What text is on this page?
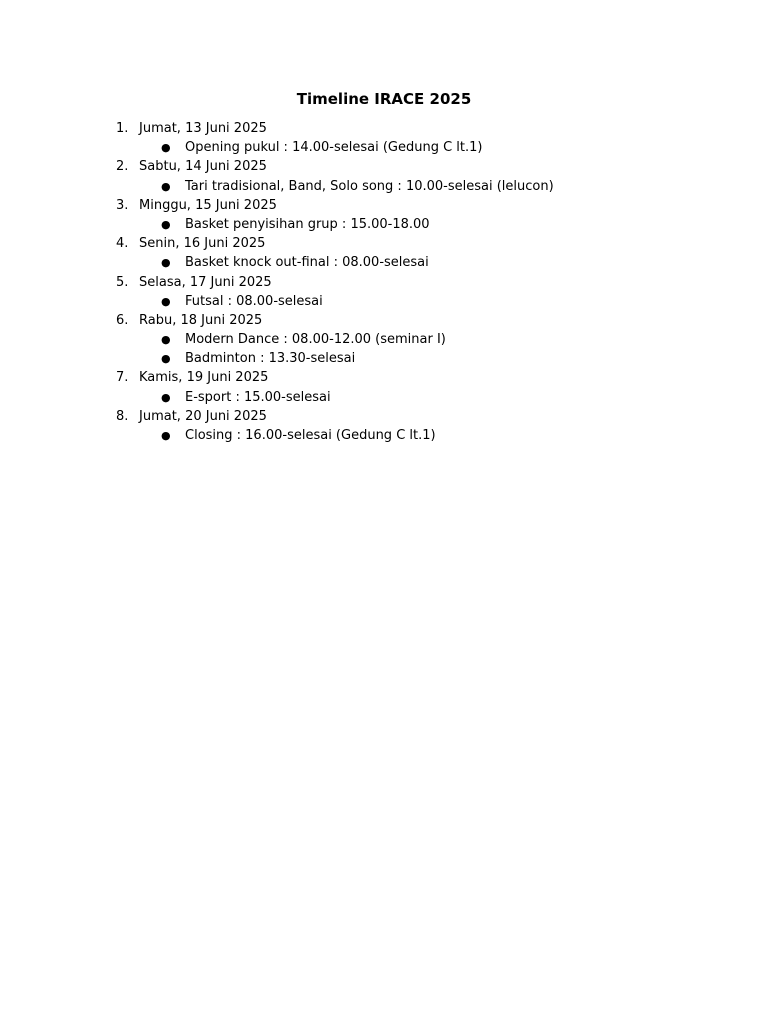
Timeline IRACE 2025
1. Jumat, 13 Juni 2025
● Opening pukul : 14.00-selesai (Gedung C lt.1)
2. Sabtu, 14 Juni 2025
● Tari tradisional, Band, Solo song : 10.00-selesai (lelucon)
3. Minggu, 15 Juni 2025
● Basket penyisihan grup : 15.00-18.00
4. Senin, 16 Juni 2025
● Basket knock out-final : 08.00-selesai
5. Selasa, 17 Juni 2025
● Futsal : 08.00-selesai
6. Rabu, 18 Juni 2025
● Modern Dance : 08.00-12.00 (seminar I)
● Badminton : 13.30-selesai
7. Kamis, 19 Juni 2025
● E-sport : 15.00-selesai
8. Jumat, 20 Juni 2025
● Closing : 16.00-selesai (Gedung C lt.1)
